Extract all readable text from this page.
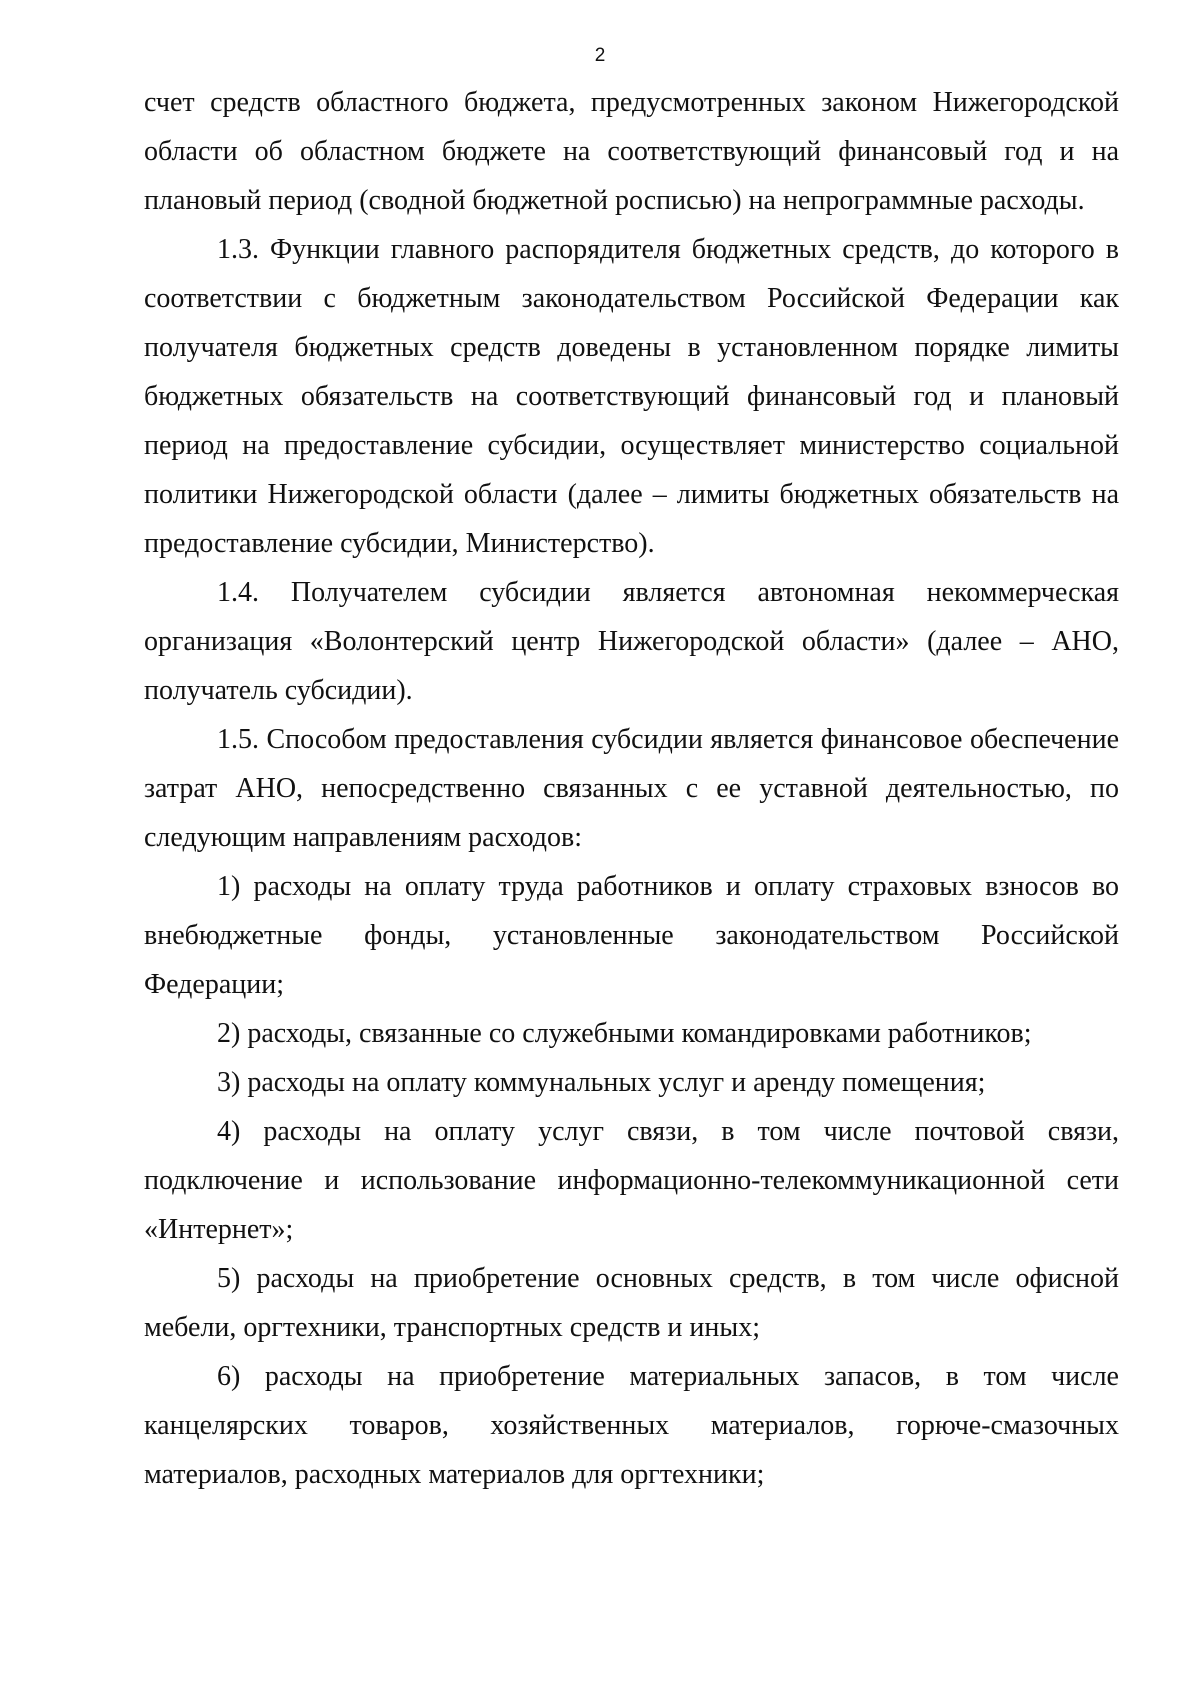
2

счет средств областного бюджета, предусмотренных законом Нижегородской области об областном бюджете на соответствующий финансовый год и на плановый период (сводной бюджетной росписью) на непрограммные расходы.

1.3. Функции главного распорядителя бюджетных средств, до которого в соответствии с бюджетным законодательством Российской Федерации как получателя бюджетных средств доведены в установленном порядке лимиты бюджетных обязательств на соответствующий финансовый год и плановый период на предоставление субсидии, осуществляет министерство социальной политики Нижегородской области (далее – лимиты бюджетных обязательств на предоставление субсидии, Министерство).

1.4. Получателем субсидии является автономная некоммерческая организация «Волонтерский центр Нижегородской области» (далее – АНО, получатель субсидии).

1.5. Способом предоставления субсидии является финансовое обеспечение затрат АНО, непосредственно связанных с ее уставной деятельностью, по следующим направлениям расходов:

1) расходы на оплату труда работников и оплату страховых взносов во внебюджетные фонды, установленные законодательством Российской Федерации;

2) расходы, связанные со служебными командировками работников;

3) расходы на оплату коммунальных услуг и аренду помещения;

4) расходы на оплату услуг связи, в том числе почтовой связи, подключение и использование информационно-телекоммуникационной сети «Интернет»;

5) расходы на приобретение основных средств, в том числе офисной мебели, оргтехники, транспортных средств и иных;

6) расходы на приобретение материальных запасов, в том числе канцелярских товаров, хозяйственных материалов, горюче-смазочных материалов, расходных материалов для оргтехники;
